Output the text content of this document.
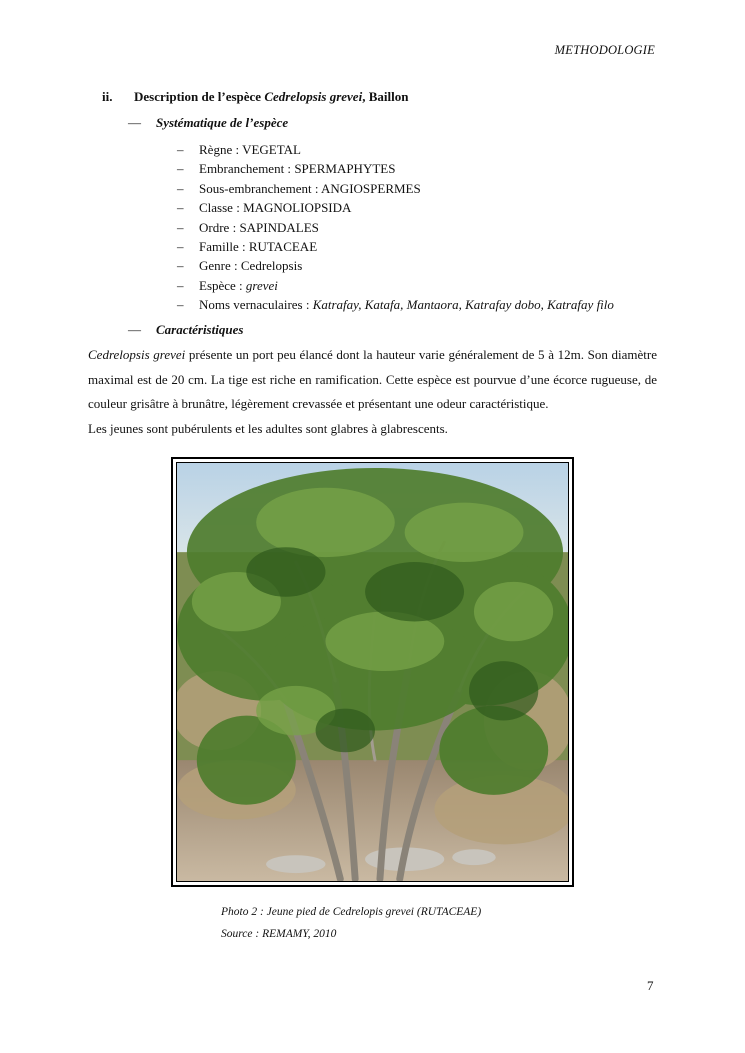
METHODOLOGIE
ii. Description de l’espèce Cedrelopsis grevei, Baillon
— Systématique de l’espèce
– Règne : VEGETAL
– Embranchement : SPERMAPHYTES
– Sous-embranchement : ANGIOSPERMES
– Classe : MAGNOLIOPSIDA
– Ordre : SAPINDALES
– Famille : RUTACEAE
– Genre : Cedrelopsis
– Espèce : grevei
– Noms vernaculaires : Katrafay, Katafa, Mantaora, Katrafay dobo, Katrafay filo
— Caractéristiques
Cedrelopsis grevei présente un port peu élancé dont la hauteur varie généralement de 5 à 12m. Son diamètre maximal est de 20 cm. La tige est riche en ramification. Cette espèce est pourvue d’une écorce rugueuse, de couleur grisâtre à brunâtre, légèrement crevassée et présentant une odeur caractéristique.
Les jeunes sont pubérulents et les adultes sont glabres à glabrescents.
Photo 2 : Jeune pied de Cedrelopis grevei (RUTACEAE)
Source : REMAMY, 2010
7
